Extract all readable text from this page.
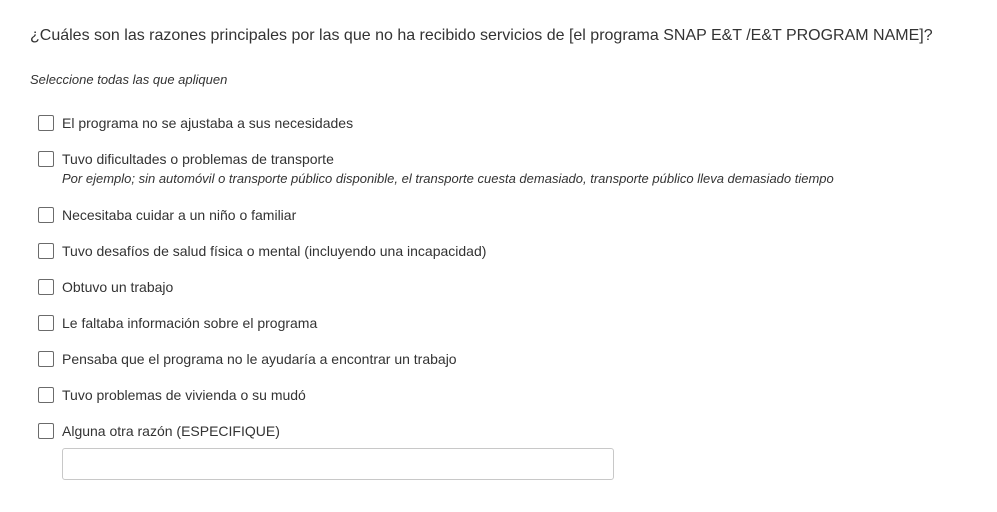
¿Cuáles son las razones principales por las que no ha recibido servicios de [el programa SNAP E&T /E&T PROGRAM NAME]?
Seleccione todas las que apliquen
El programa no se ajustaba a sus necesidades
Tuvo dificultades o problemas de transporte
Por ejemplo; sin automóvil o transporte público disponible, el transporte cuesta demasiado, transporte público lleva demasiado tiempo
Necesitaba cuidar a un niño o familiar
Tuvo desafíos de salud física o mental (incluyendo una incapacidad)
Obtuvo un trabajo
Le faltaba información sobre el programa
Pensaba que el programa no le ayudaría a encontrar un trabajo
Tuvo problemas de vivienda o su mudó
Alguna otra razón (ESPECIFIQUE)
